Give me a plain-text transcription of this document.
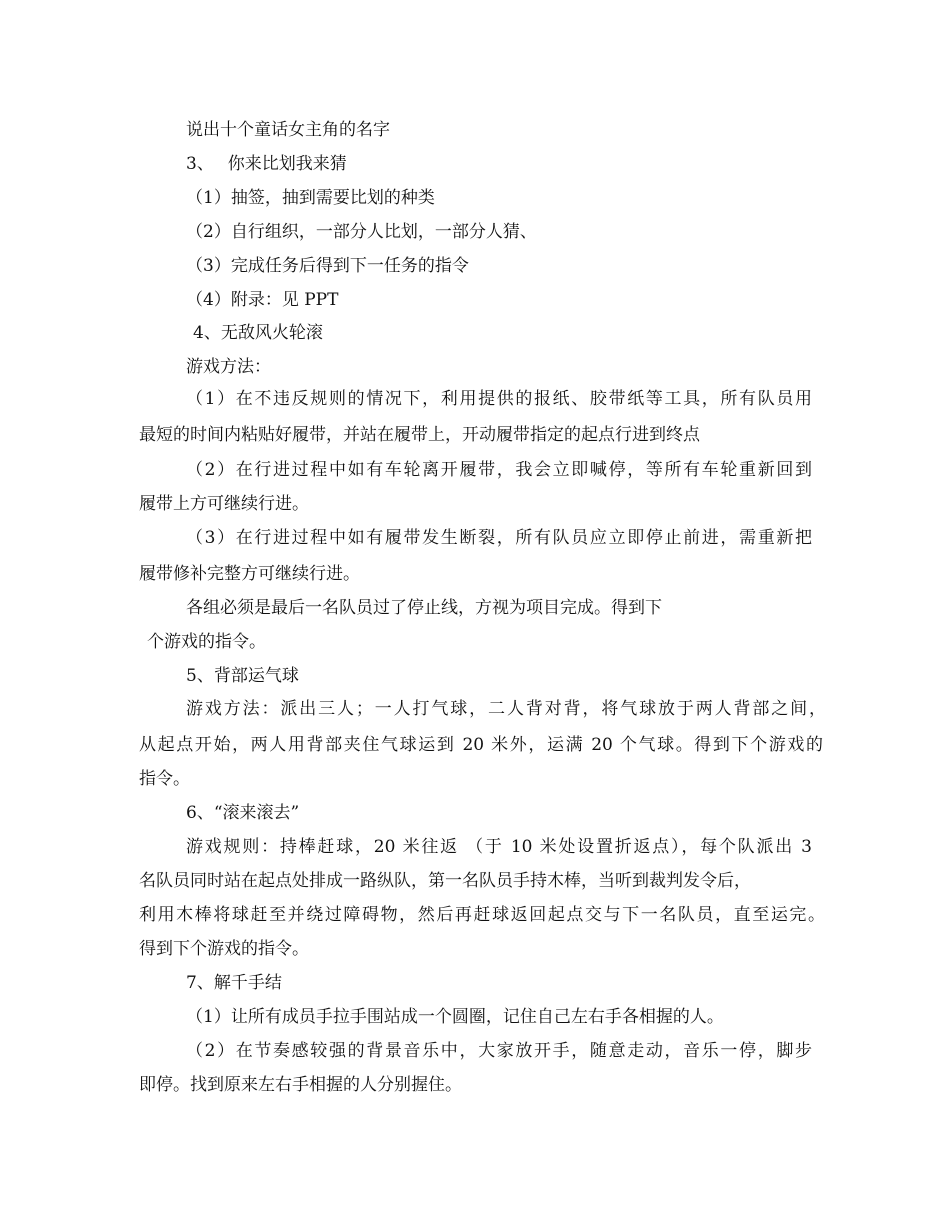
说出十个童话女主角的名字
3、　 你来比划我来猜
（1）抽签，抽到需要比划的种类
（2）自行组织，一部分人比划，一部分人猜、
（3）完成任务后得到下一任务的指令
（4）附录：见 PPT
4、无敌风火轮滚
游戏方法：
（1）在不违反规则的情况下，利用提供的报纸、胶带纸等工具，所有队员用
最短的时间内粘贴好履带，并站在履带上，开动履带指定的起点行进到终点
（2）在行进过程中如有车轮离开履带，我会立即喊停，等所有车轮重新回到
履带上方可继续行进。
（3）在行进过程中如有履带发生断裂，所有队员应立即停止前进，需重新把
履带修补完整方可继续行进。
各组必须是最后一名队员过了停止线，方视为项目完成。得到下
个游戏的指令。
5、背部运气球
游戏方法：派出三人；一人打气球，二人背对背，将气球放于两人背部之间，
从起点开始，两人用背部夹住气球运到 20 米外，运满 20 个气球。得到下个游戏的
指令。
6、“滚来滚去”
游戏规则：持棒赶球，20 米往返 （于 10 米处设置折返点），每个队派出 3
名队员同时站在起点处排成一路纵队，第一名队员手持木棒，当听到裁判发令后，
利用木棒将球赶至并绕过障碍物，然后再赶球返回起点交与下一名队员，直至运完。
得到下个游戏的指令。
7、解千手结
（1）让所有成员手拉手围站成一个圆圈，记住自己左右手各相握的人。
（2）在节奏感较强的背景音乐中，大家放开手，随意走动，音乐一停，脚步
即停。找到原来左右手相握的人分别握住。
